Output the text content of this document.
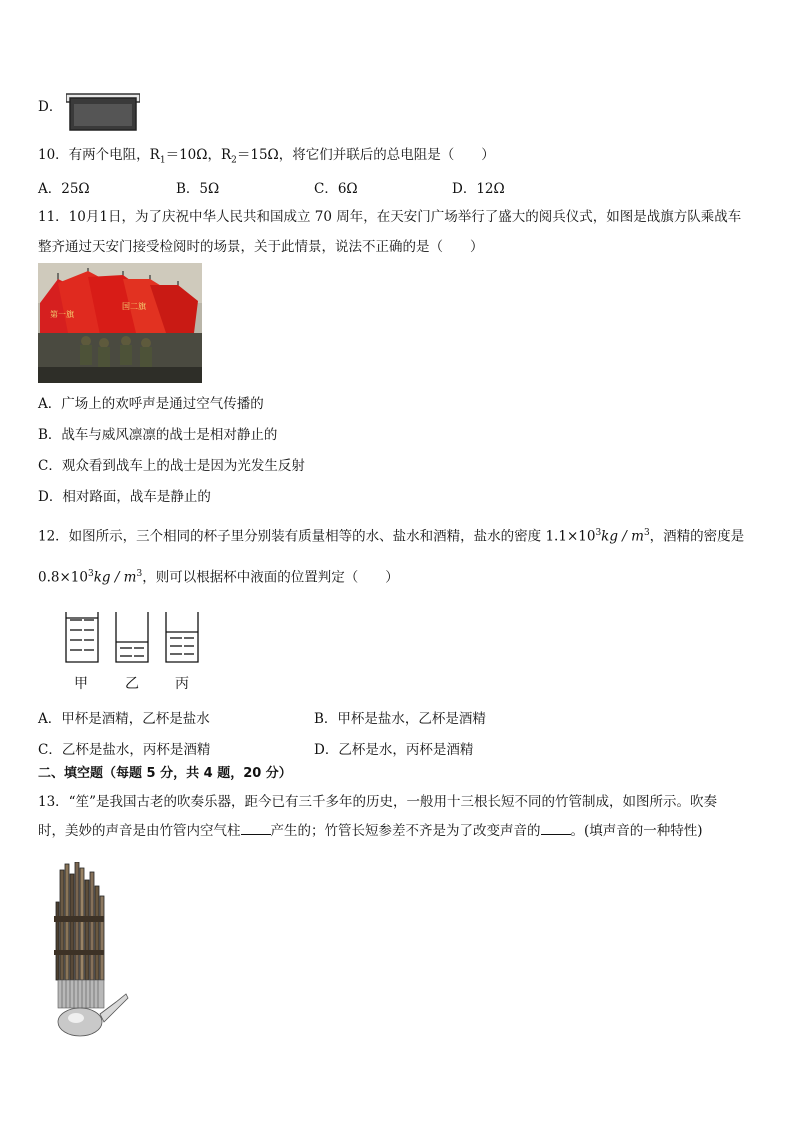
D．
10．有两个电阻，$R_1=10\Omega$，$R_2=15\Omega$，将它们并联后的总电阻是（　　）
A．25Ω	B．5Ω	C．6Ω	D．12Ω
11．10月1日，为了庆祝中华人民共和国成立 70 周年，在天安门广场举行了盛大的阅兵仪式，如图是战旗方队乘战车
整齐通过天安门接受检阅时的场景，关于此情景，说法不正确的是（　　）
第一旗
国二旗
A．广场上的欢呼声是通过空气传播的
B．战车与威风凛凛的战士是相对静止的
C．观众看到战车上的战士是因为光发生反射
D．相对路面，战车是静止的
12．如图所示，三个相同的杯子里分别装有质量相等的水、盐水和酒精，盐水的密度 $1.1\times 10^3kg / m^3$，酒精的密度是
$0.8\times 10^3kg / m^3$，则可以根据杯中液面的位置判定（　　）
甲	乙	丙
A．甲杯是酒精，乙杯是盐水	B．甲杯是盐水，乙杯是酒精
C．乙杯是盐水，丙杯是酒精	D．乙杯是水，丙杯是酒精
二、填空题（每题 5 分，共 4 题，20 分）
13．“笙”是我国古老的吹奏乐器，距今已有三千多年的历史，一般用十三根长短不同的竹管制成，如图所示。吹奏
时，美妙的声音是由竹管内空气柱 产生的；竹管长短参差不齐是为了改变声音的 。(填声音的一种特性)
